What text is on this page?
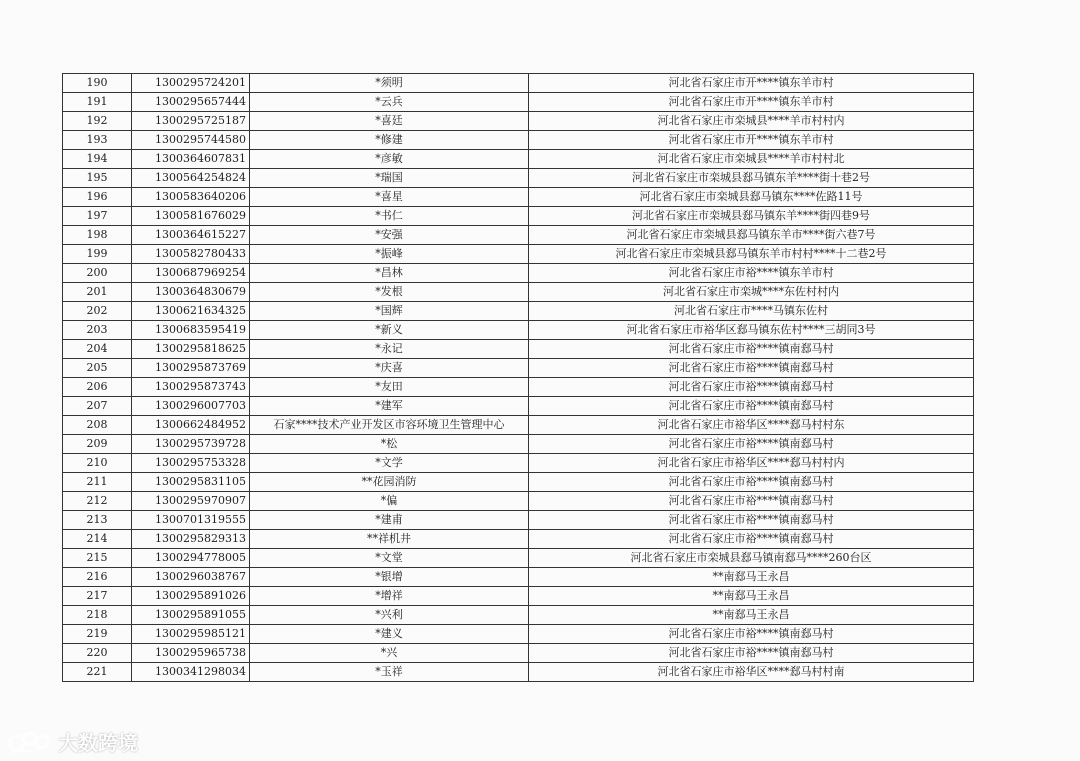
190	1300295724201	*须明	河北省石家庄市开****镇东羊市村
191	1300295657444	*云兵	河北省石家庄市开****镇东羊市村
192	1300295725187	*喜廷	河北省石家庄市栾城县****羊市村村内
193	1300295744580	*修建	河北省石家庄市开****镇东羊市村
194	1300364607831	*彦敏	河北省石家庄市栾城县****羊市村村北
195	1300564254824	*瑞国	河北省石家庄市栾城县郄马镇东羊****街十巷2号
196	1300583640206	*喜星	河北省石家庄市栾城县郄马镇东****佐路11号
197	1300581676029	*书仁	河北省石家庄市栾城县郄马镇东羊****街四巷9号
198	1300364615227	*安强	河北省石家庄市栾城县郄马镇东羊市****街六巷7号
199	1300582780433	*振峰	河北省石家庄市栾城县郄马镇东羊市村村****十二巷2号
200	1300687969254	*昌林	河北省石家庄市裕****镇东羊市村
201	1300364830679	*发根	河北省石家庄市栾城****东佐村村内
202	1300621634325	*国辉	河北省石家庄市****马镇东佐村
203	1300683595419	*新义	河北省石家庄市裕华区郄马镇东佐村****三胡同3号
204	1300295818625	*永记	河北省石家庄市裕****镇南郄马村
205	1300295873769	*庆喜	河北省石家庄市裕****镇南郄马村
206	1300295873743	*友田	河北省石家庄市裕****镇南郄马村
207	1300296007703	*建军	河北省石家庄市裕****镇南郄马村
208	1300662484952	石家****技术产业开发区市容环境卫生管理中心	河北省石家庄市裕华区****郄马村村东
209	1300295739728	*松	河北省石家庄市裕****镇南郄马村
210	1300295753328	*文学	河北省石家庄市裕华区****郄马村村内
211	1300295831105	**花园消防	河北省石家庄市裕****镇南郄马村
212	1300295970907	*偏	河北省石家庄市裕****镇南郄马村
213	1300701319555	*建甫	河北省石家庄市裕****镇南郄马村
214	1300295829313	**祥机井	河北省石家庄市裕****镇南郄马村
215	1300294778005	*文堂	河北省石家庄市栾城县郄马镇南郄马****260台区
216	1300296038767	*银增	**南郄马王永昌
217	1300295891026	*增祥	**南郄马王永昌
218	1300295891055	*兴利	**南郄马王永昌
219	1300295985121	*建义	河北省石家庄市裕****镇南郄马村
220	1300295965738	*兴	河北省石家庄市裕****镇南郄马村
221	1300341298034	*玉祥	河北省石家庄市裕华区****郄马村村南
大数跨境
